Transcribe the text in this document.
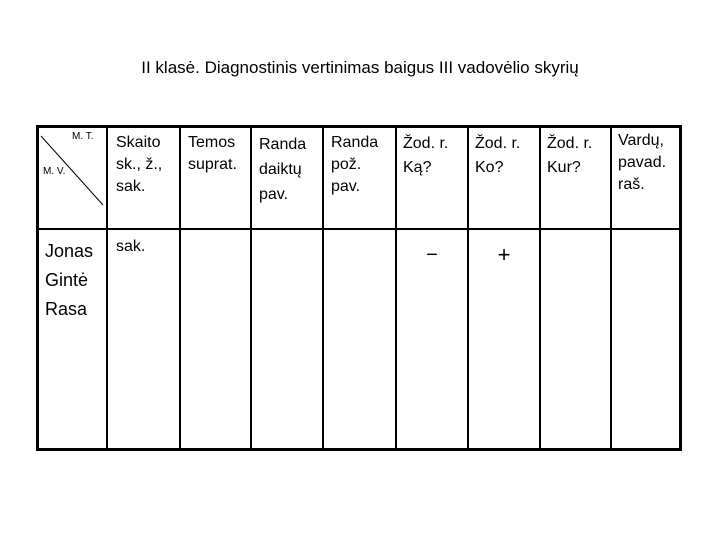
II klasė. Diagnostinis vertinimas baigus III vadovėlio skyrių
M. T.
M. V.
Skaito
sk., ž.,
sak.
Temos
suprat.
Randa
daiktų
pav.
Randa
pož.
pav.
Žod. r.
Ką?
Žod. r.
Ko?
Žod. r.
Kur?
Vardų,
pavad.
raš.
Jonas
Gintė
Rasa
sak.	−	+
